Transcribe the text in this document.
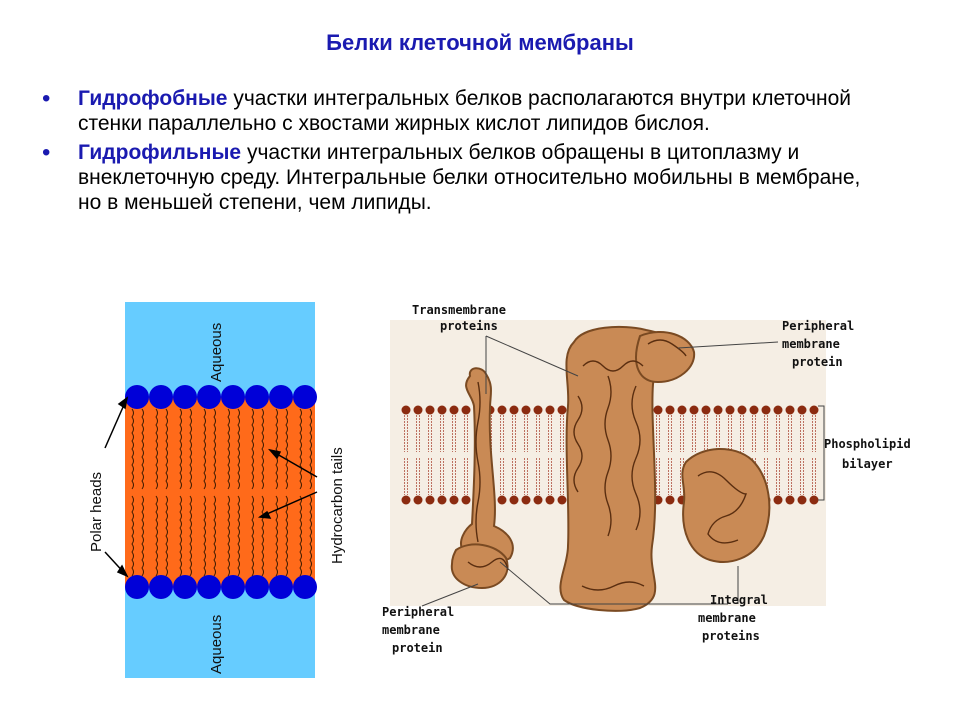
Белки клеточной мембраны
• Гидрофобные участки интегральных белков располагаются внутри клеточной стенки параллельно с хвостами жирных кислот липидов бислоя.
• Гидрофильные участки интегральных белков обращены в цитоплазму и внеклеточную среду. Интегральные белки относительно мобильны в мембране, но в меньшей степени, чем липиды.
Aqueous
Aqueous
Polar heads	Hydrocarbon tails
Transmembrane
proteins	Peripheral
membrane
protein
Phospholipid
bilayer
Peripheral
membrane
protein
Integral
membrane
proteins
